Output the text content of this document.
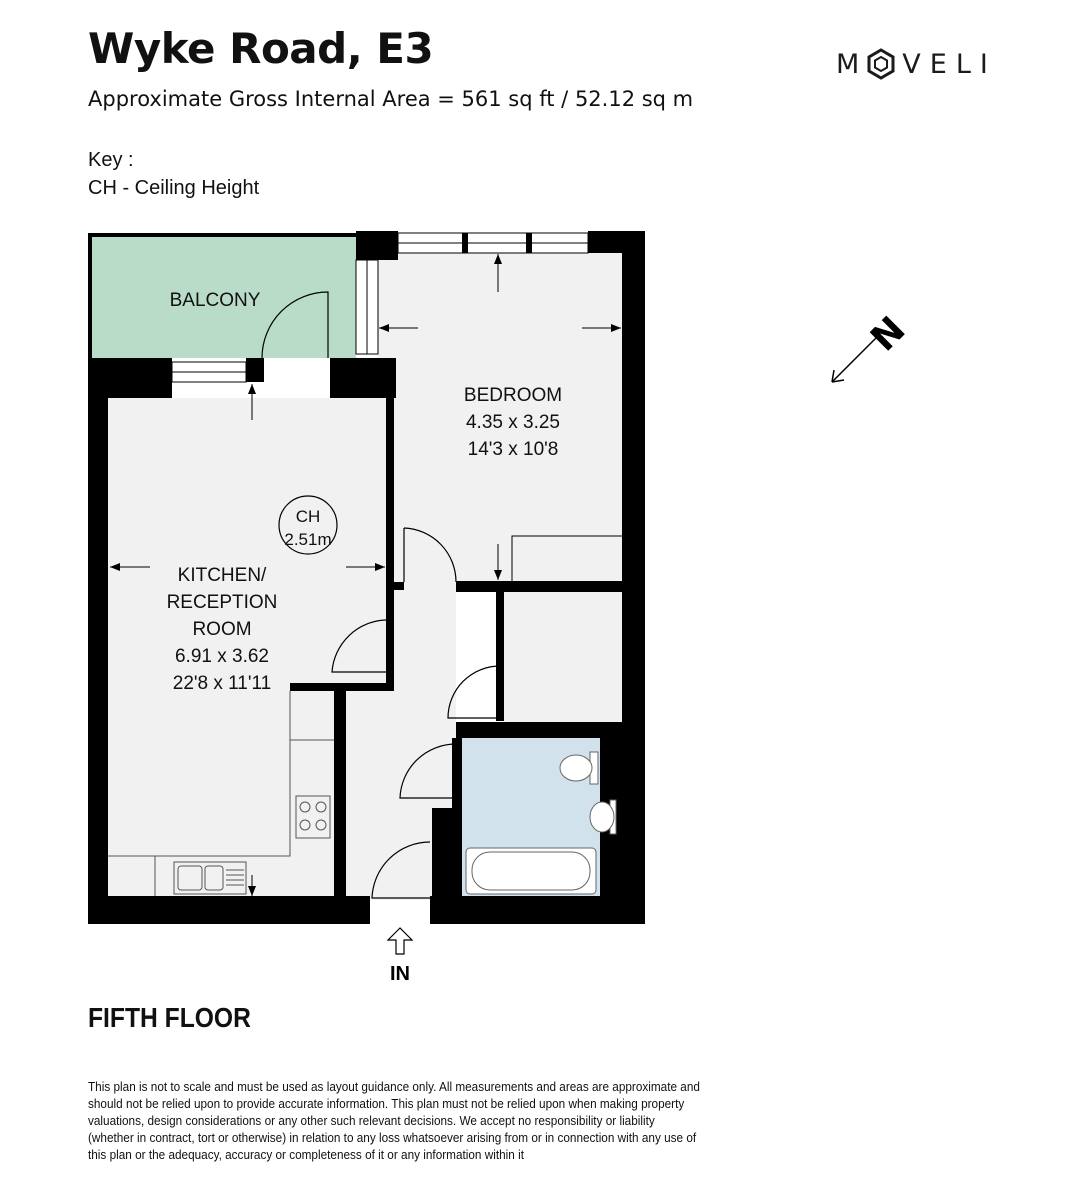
Wyke Road, E3
Approximate Gross Internal Area = 561 sq ft / 52.12 sq m
Key :
CH - Ceiling Height
M VELI
BALCONY
BEDROOM
4.35 x 3.25
14'3 x 10'8
KITCHEN/
RECEPTION
ROOM
6.91 x 3.62
22'8 x 11'11
CH
2.51m
IN
N
FIFTH FLOOR
This plan is not to scale and must be used as layout guidance only. All measurements and areas are approximate and should not be relied upon to provide accurate information. This plan must not be relied upon when making property valuations, design considerations or any other such relevant decisions. We accept no responsibility or liability (whether in contract, tort or otherwise) in relation to any loss whatsoever arising from or in connection with any use of this plan or the adequacy, accuracy or completeness of it or any information within it
